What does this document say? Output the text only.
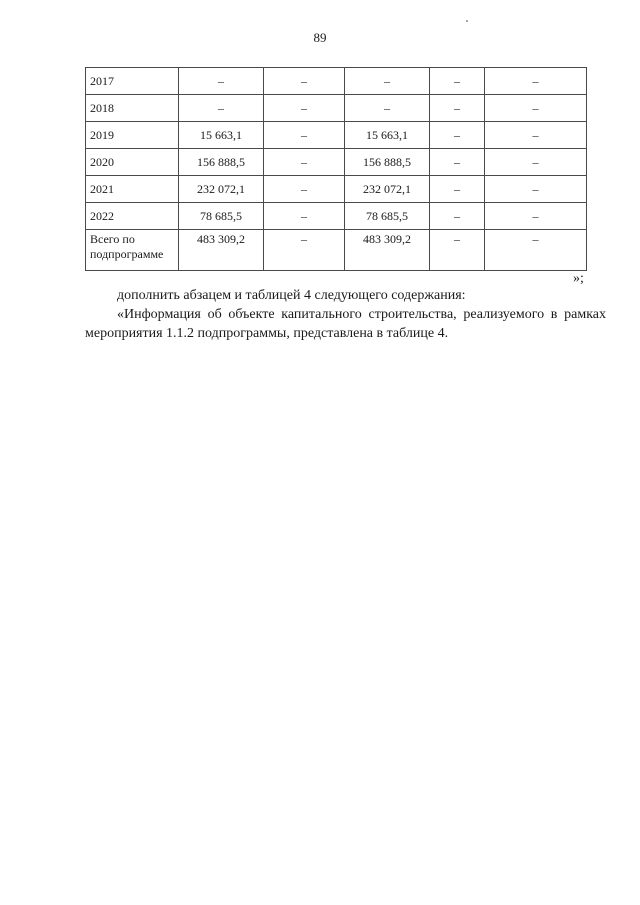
89
2017	–	–	–	–	–
2018	–	–	–	–	–
2019	15 663,1	–	15 663,1	–	–
2020	156 888,5	–	156 888,5	–	–
2021	232 072,1	–	232 072,1	–	–
2022	78 685,5	–	78 685,5	–	–
Всего по подпрограмме	483 309,2	–	483 309,2	–	–
»;
дополнить абзацем и таблицей 4 следующего содержания:
«Информация об объекте капитального строительства, реализуемого в рамках мероприятия 1.1.2 подпрограммы, представлена в таблице 4.
